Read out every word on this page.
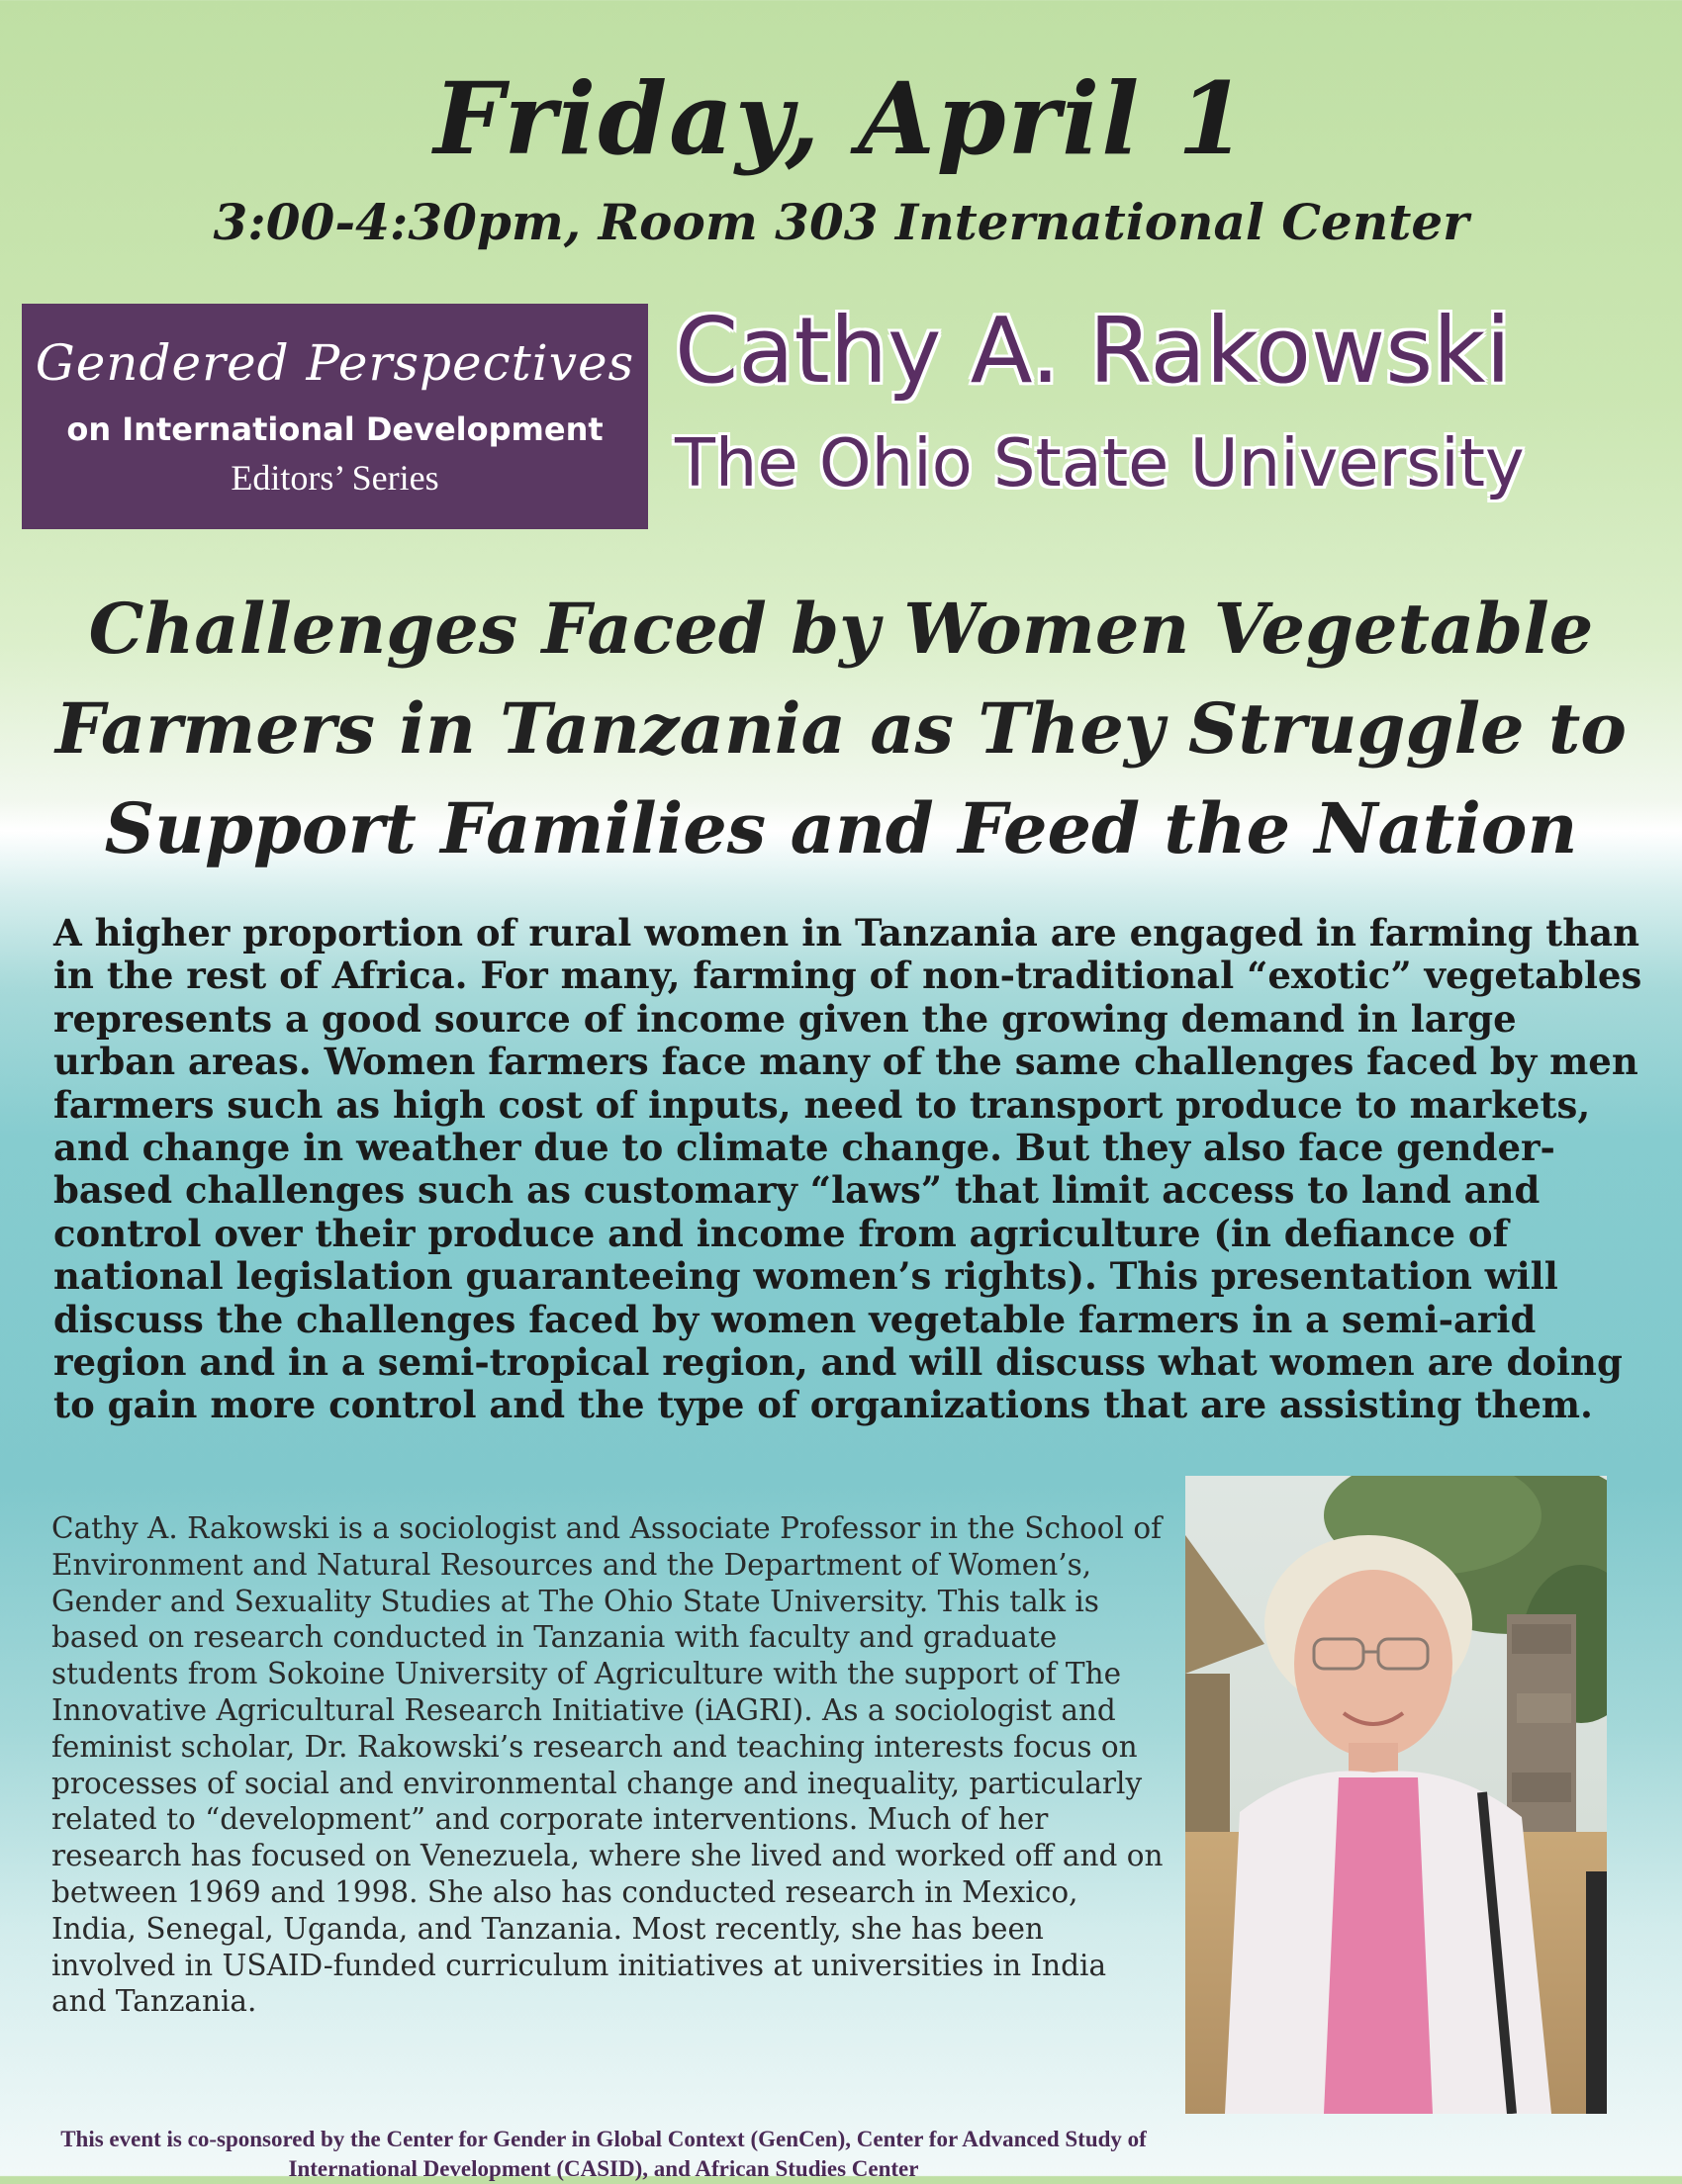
Friday, April 1
3:00-4:30pm, Room 303 International Center
Gendered Perspectives
on International Development
Editors’ Series
Cathy A. Rakowski
The Ohio State University
Challenges Faced by Women Vegetable Farmers in Tanzania as They Struggle to Support Families and Feed the Nation
A higher proportion of rural women in Tanzania are engaged in farming than in the rest of Africa. For many, farming of non-traditional “exotic” vegetables represents a good source of income given the growing demand in large urban areas. Women farmers face many of the same challenges faced by men farmers such as high cost of inputs, need to transport produce to markets, and change in weather due to climate change. But they also face gender-based challenges such as customary “laws” that limit access to land and control over their produce and income from agriculture (in defiance of national legislation guaranteeing women’s rights). This presentation will discuss the challenges faced by women vegetable farmers in a semi-arid region and in a semi-tropical region, and will discuss what women are doing to gain more control and the type of organizations that are assisting them.
Cathy A. Rakowski is a sociologist and Associate Professor in the School of Environment and Natural Resources and the Department of Women’s, Gender and Sexuality Studies at The Ohio State University. This talk is based on research conducted in Tanzania with faculty and graduate students from Sokoine University of Agriculture with the support of The Innovative Agricultural Research Initiative (iAGRI). As a sociologist and feminist scholar, Dr. Rakowski’s research and teaching interests focus on processes of social and environmental change and inequality, particularly related to “development” and corporate interventions. Much of her research has focused on Venezuela, where she lived and worked off and on between 1969 and 1998. She also has conducted research in Mexico, India, Senegal, Uganda, and Tanzania. Most recently, she has been involved in USAID-funded curriculum initiatives at universities in India and Tanzania.
This event is co-sponsored by the Center for Gender in Global Context (GenCen), Center for Advanced Study of International Development (CASID), and African Studies Center
